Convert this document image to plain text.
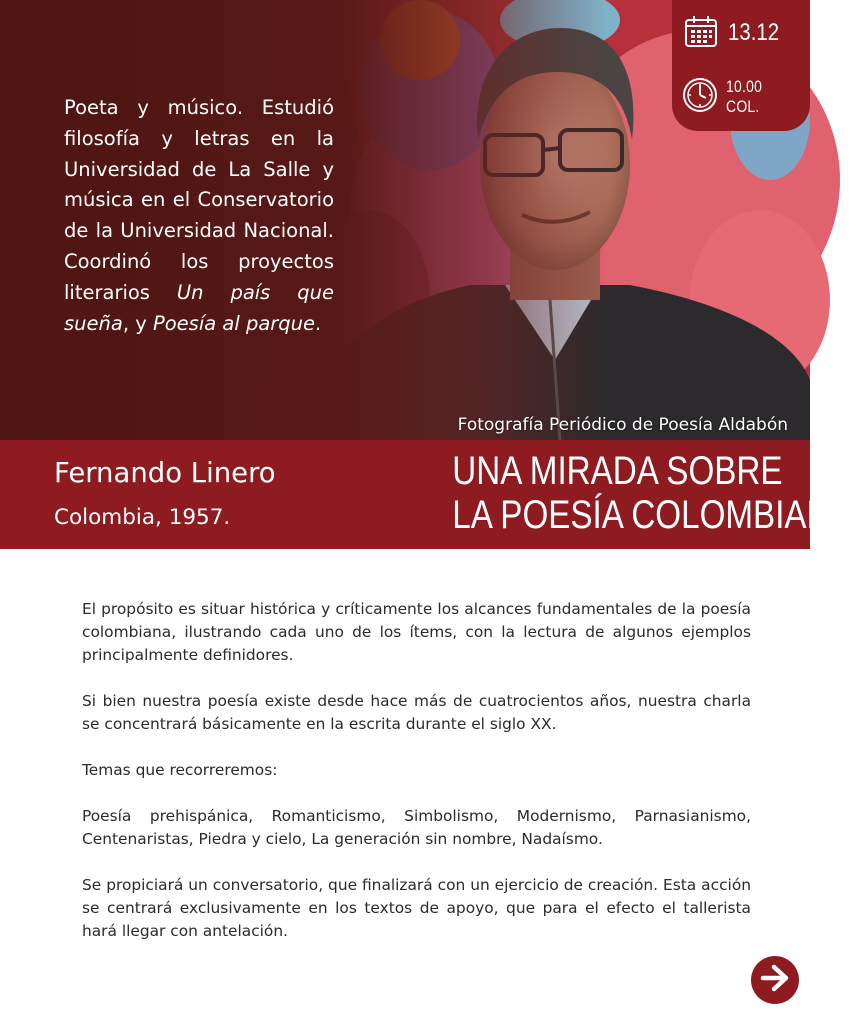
Poeta y músico. Estudió filosofía y letras en la Universidad de La Salle y música en el Conservatorio de la Universidad Nacional. Coordinó los proyectos literarios Un país que sueña, y Poesía al parque.
Fotografía Periódico de Poesía Aldabón
13.12
10.00 COL.
Fernando Linero
Colombia, 1957.
UNA MIRADA SOBRE
LA POESÍA COLOMBIANA

El propósito es situar histórica y críticamente los alcances fundamentales de la poesía colombiana, ilustrando cada uno de los ítems, con la lectura de algunos ejemplos principalmente definidores.

Si bien nuestra poesía existe desde hace más de cuatrocientos años, nuestra charla se concentrará básicamente en la escrita durante el siglo XX.

Temas que recorreremos:

Poesía prehispánica, Romanticismo, Simbolismo, Modernismo, Parnasianismo, Centenaristas, Piedra y cielo, La generación sin nombre, Nadaísmo.

Se propiciará un conversatorio, que finalizará con un ejercicio de creación. Esta acción se centrará exclusivamente en los textos de apoyo, que para el efecto el tallerista hará llegar con antelación.
